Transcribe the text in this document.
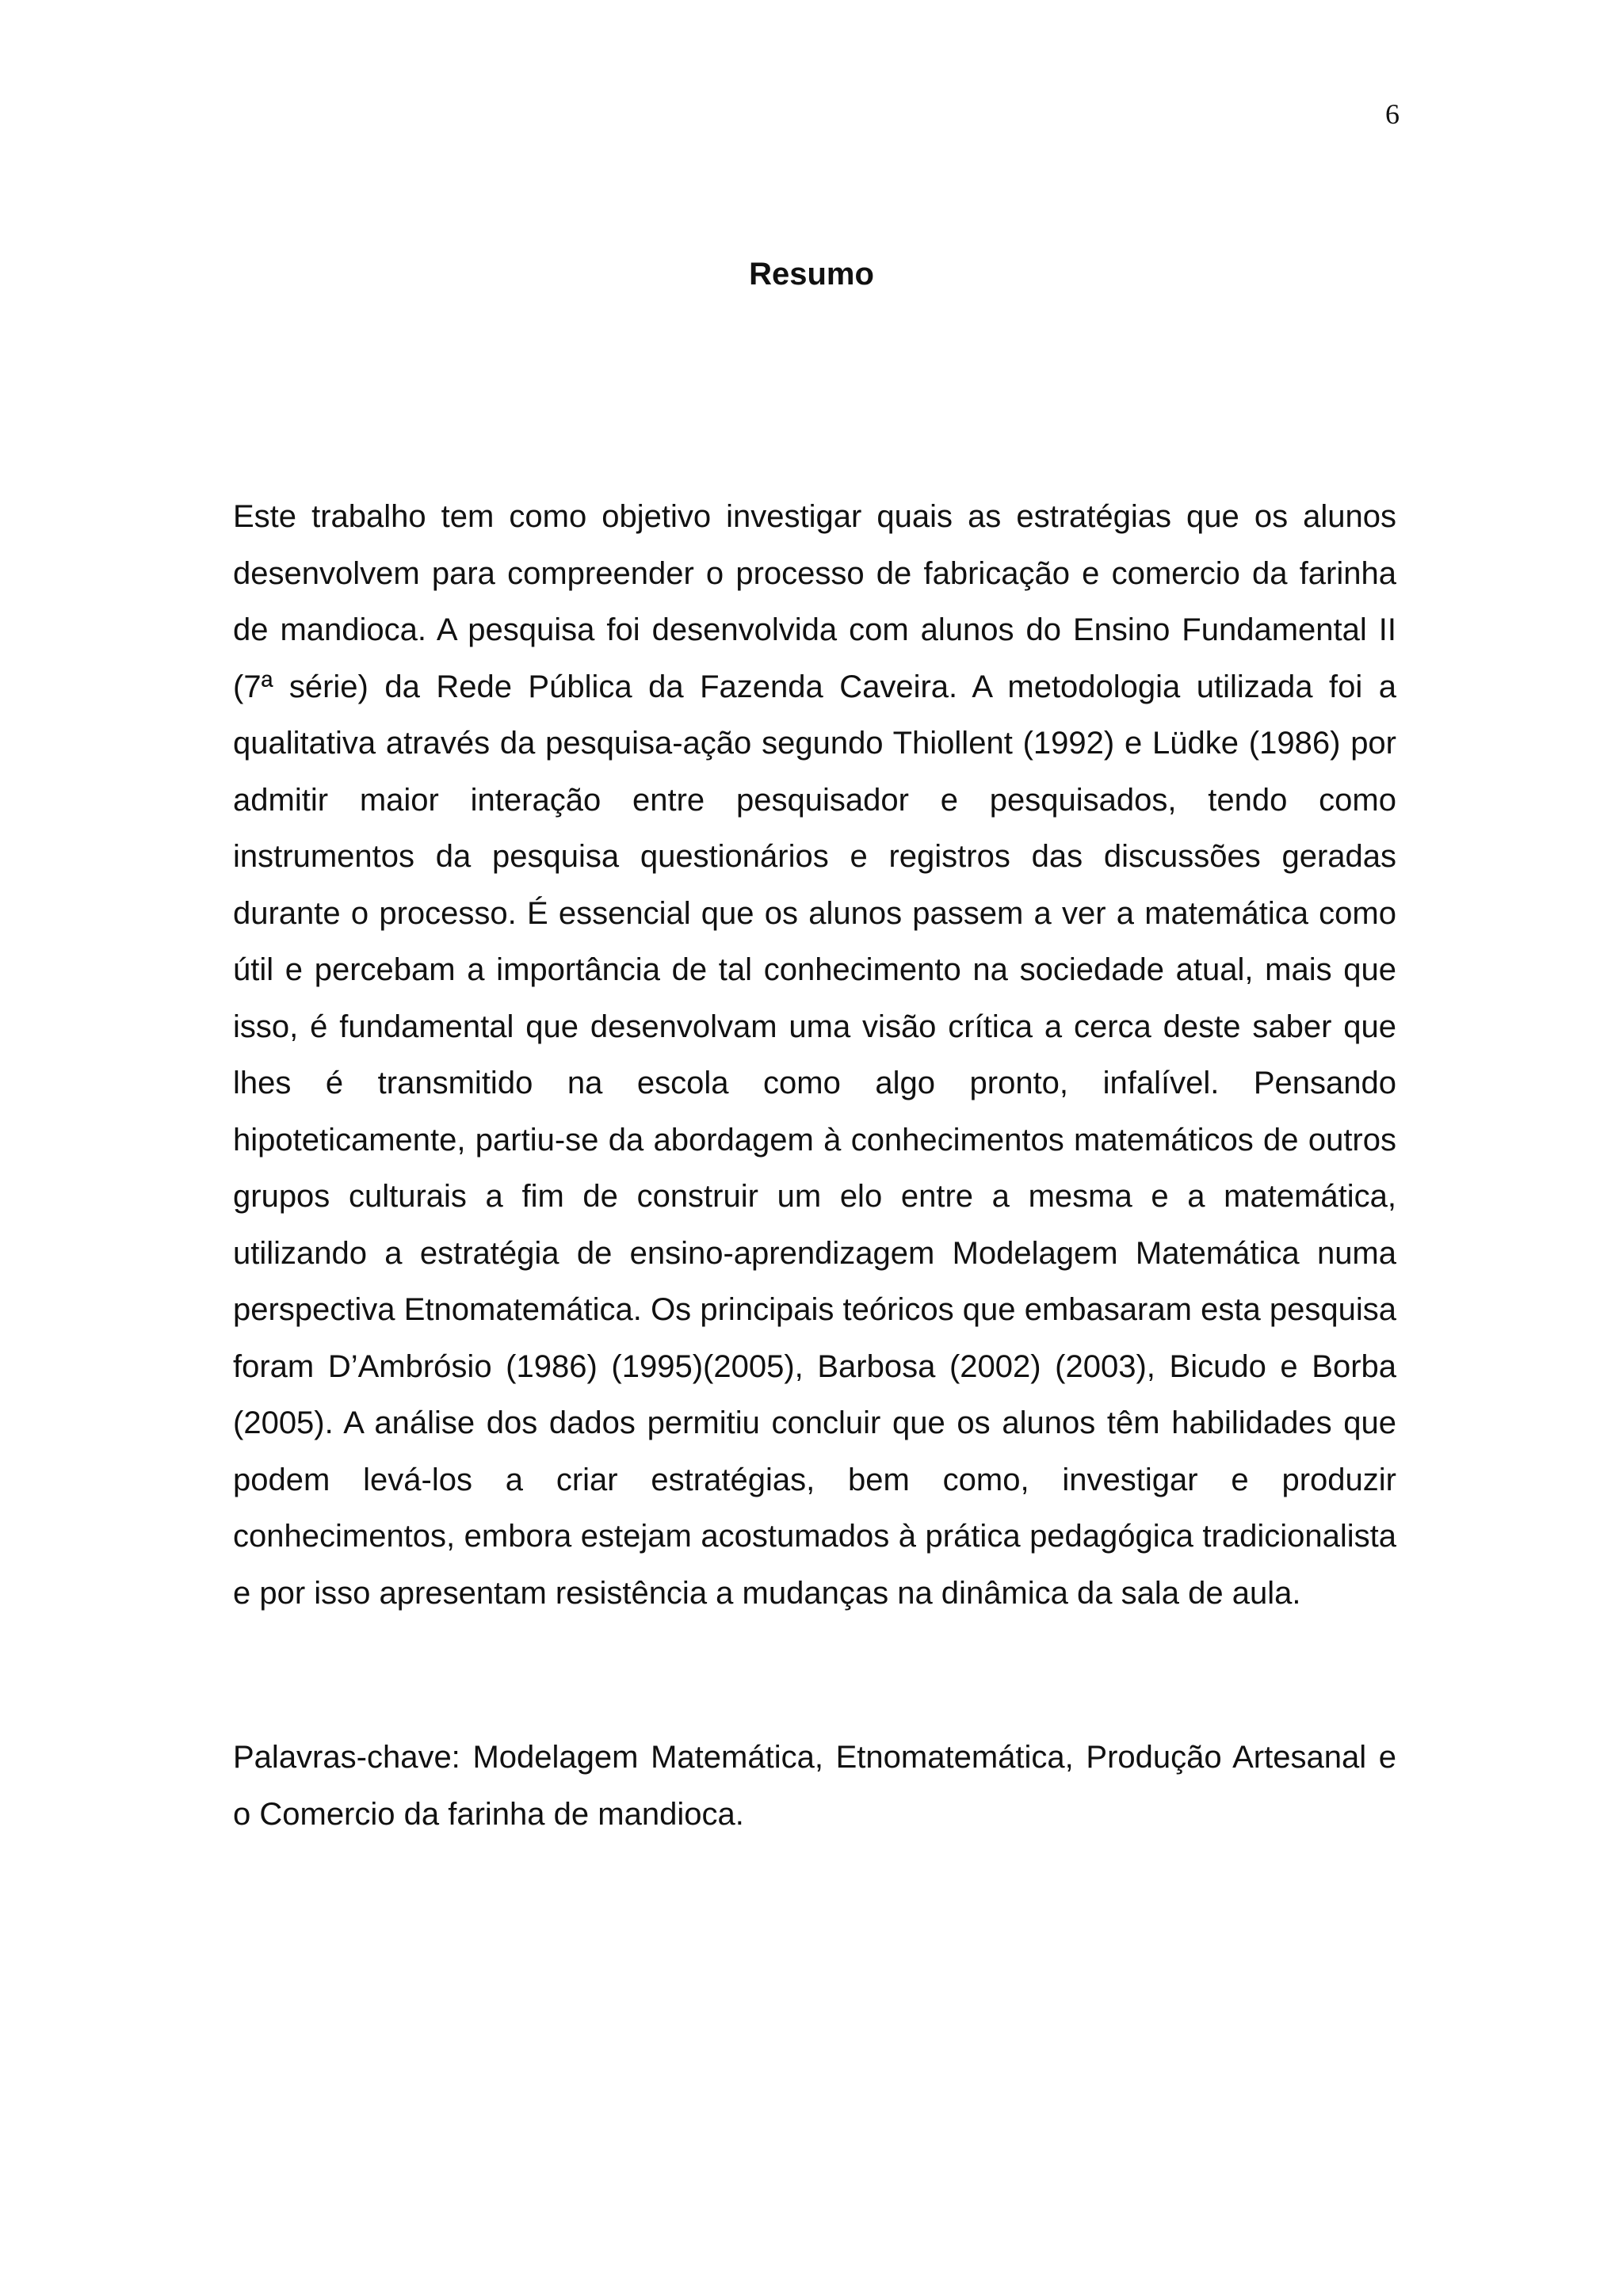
6
Resumo

Este trabalho tem como objetivo investigar quais as estratégias que os alunos desenvolvem para compreender o processo de fabricação e comercio da farinha de mandioca. A pesquisa foi desenvolvida com alunos do Ensino Fundamental II (7ª série) da Rede Pública da Fazenda Caveira. A metodologia utilizada foi a qualitativa através da pesquisa-ação segundo Thiollent (1992) e Lüdke (1986) por admitir maior interação entre pesquisador e pesquisados, tendo como instrumentos da pesquisa questionários e registros das discussões geradas durante o processo. É essencial que os alunos passem a ver a matemática como útil e percebam a importância de tal conhecimento na sociedade atual, mais que isso, é fundamental que desenvolvam uma visão crítica a cerca deste saber que lhes é transmitido na escola como algo pronto, infalível. Pensando hipoteticamente, partiu-se da abordagem à conhecimentos matemáticos de outros grupos culturais a fim de construir um elo entre a mesma e a matemática, utilizando a estratégia de ensino-aprendizagem Modelagem Matemática numa perspectiva Etnomatemática. Os principais teóricos que embasaram esta pesquisa foram D’Ambrósio (1986) (1995)(2005), Barbosa (2002) (2003), Bicudo e Borba (2005). A análise dos dados permitiu concluir que os alunos têm habilidades que podem levá-los a criar estratégias, bem como, investigar e produzir conhecimentos, embora estejam acostumados à prática pedagógica tradicionalista e por isso apresentam resistência a mudanças na dinâmica da sala de aula.

Palavras-chave: Modelagem Matemática, Etnomatemática, Produção Artesanal e o Comercio da farinha de mandioca.
